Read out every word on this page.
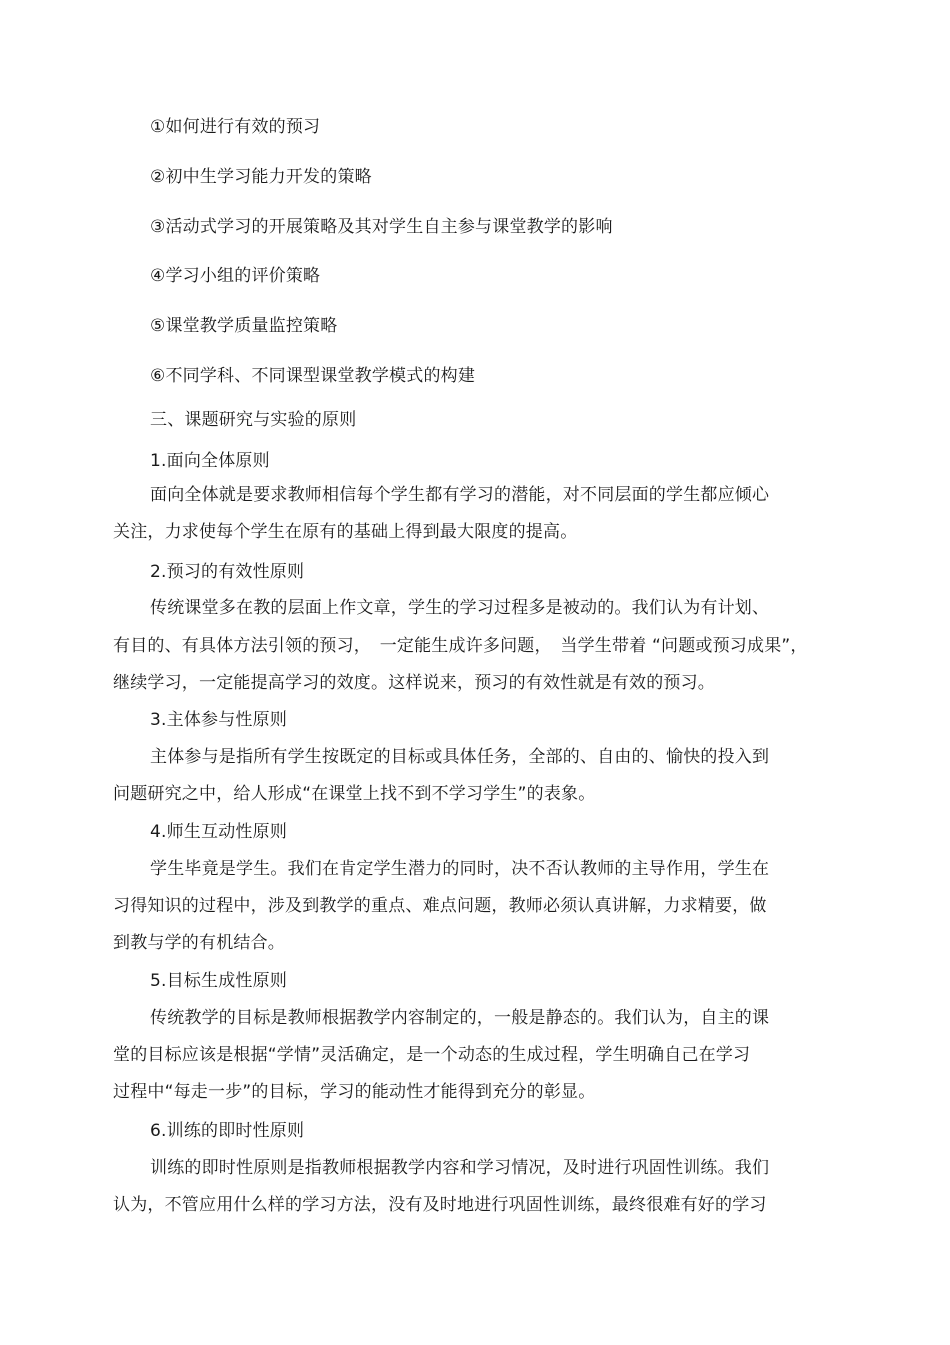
①如何进行有效的预习
②初中生学习能力开发的策略
③活动式学习的开展策略及其对学生自主参与课堂教学的影响
④学习小组的评价策略
⑤课堂教学质量监控策略
⑥不同学科、不同课型课堂教学模式的构建
三、课题研究与实验的原则
1.面向全体原则
面向全体就是要求教师相信每个学生都有学习的潜能，对不同层面的学生都应倾心
关注，力求使每个学生在原有的基础上得到最大限度的提高。
2.预习的有效性原则
传统课堂多在教的层面上作文章，学生的学习过程多是被动的。我们认为有计划、
有目的、有具体方法引领的预习，　一定能生成许多问题，　当学生带着 “问题或预习成果”，
继续学习，一定能提高学习的效度。这样说来，预习的有效性就是有效的预习。
3.主体参与性原则
主体参与是指所有学生按既定的目标或具体任务，全部的、自由的、愉快的投入到
问题研究之中，给人形成“在课堂上找不到不学习学生”的表象。
4.师生互动性原则
学生毕竟是学生。我们在肯定学生潜力的同时，决不否认教师的主导作用，学生在
习得知识的过程中，涉及到教学的重点、难点问题，教师必须认真讲解，力求精要，做
到教与学的有机结合。
5.目标生成性原则
传统教学的目标是教师根据教学内容制定的，一般是静态的。我们认为，自主的课
堂的目标应该是根据“学情”灵活确定，是一个动态的生成过程，学生明确自己在学习
过程中“每走一步”的目标，学习的能动性才能得到充分的彰显。
6.训练的即时性原则
训练的即时性原则是指教师根据教学内容和学习情况，及时进行巩固性训练。我们
认为，不管应用什么样的学习方法，没有及时地进行巩固性训练，最终很难有好的学习
